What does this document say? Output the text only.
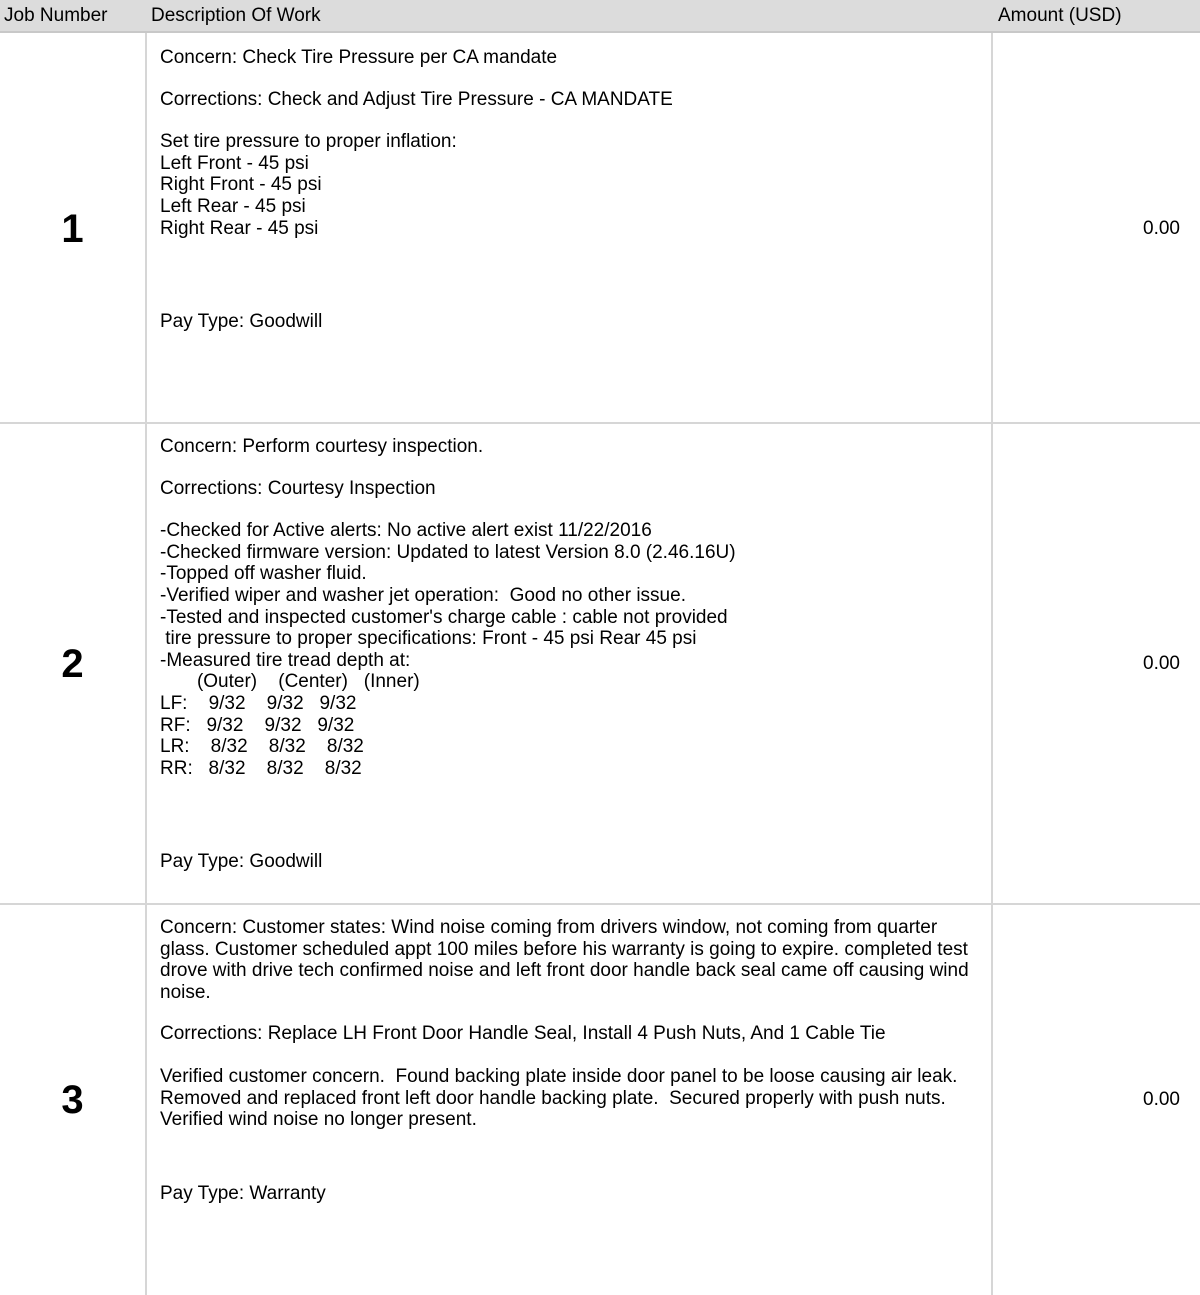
Job Number Description Of Work	Amount (USD)
1

Concern: Check Tire Pressure per CA mandate

Corrections: Check and Adjust Tire Pressure - CA MANDATE

Set tire pressure to proper inflation:
Left Front - 45 psi
Right Front - 45 psi
Left Rear - 45 psi
Right Rear - 45 psi

Pay Type: Goodwill

0.00
2

Concern: Perform courtesy inspection.

Corrections: Courtesy Inspection

-Checked for Active alerts: No active alert exist 11/22/2016
-Checked firmware version: Updated to latest Version 8.0 (2.46.16U)
-Topped off washer fluid.
-Verified wiper and washer jet operation:  Good no other issue.
-Tested and inspected customer's charge cable : cable not provided
tire pressure to proper specifications: Front - 45 psi Rear 45 psi
-Measured tire tread depth at:
(Outer)    (Center)   (Inner)
LF:    9/32    9/32   9/32
RF:   9/32    9/32   9/32
LR:    8/32    8/32    8/32
RR:   8/32    8/32    8/32

Pay Type: Goodwill

0.00
3

Concern: Customer states: Wind noise coming from drivers window, not coming from quarter glass. Customer scheduled appt 100 miles before his warranty is going to expire. completed test drove with drive tech confirmed noise and left front door handle back seal came off causing wind noise.

Corrections: Replace LH Front Door Handle Seal, Install 4 Push Nuts, And 1 Cable Tie

Verified customer concern.  Found backing plate inside door panel to be loose causing air leak.  Removed and replaced front left door handle backing plate.  Secured properly with push nuts.  Verified wind noise no longer present.

Pay Type: Warranty

0.00
